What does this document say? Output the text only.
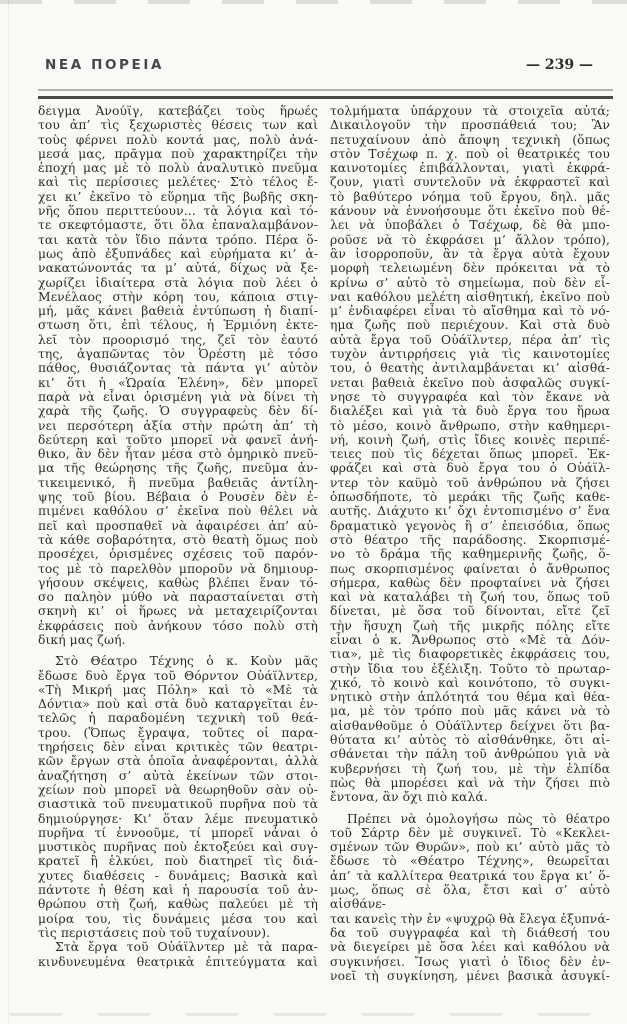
ΝΕΑ ΠΟΡΕΙΑ	— 239 —
δειγμα Ἀνούϊγ, κατεβάζει τοὺς ἥρωές
του ἀπ’ τὶς ξεχωριστὲς θέσεις των καὶ
τοὺς φέρνει πολὺ κοντά μας, πολὺ ἀνά-
μεσά μας, πρᾶγμα ποὺ χαρακτηρίζει τὴν
ἐποχή μας μὲ τὸ πολὺ ἀναλυτικὸ πνεῦμα
καὶ τὶς περίσσιες μελέτες· Στὸ τέλος ἔ-
χει κι’ ἐκεῖνο τὸ εὕρημα τῆς βωβῆς σκη-
νῆς ὅπου περιττεύουν... τὰ λόγια καὶ τό-
τε σκεφτόμαστε, ὅτι ὅλα ἐπαναλαμβάνον-
ται κατὰ τὸν ἴδιο πάντα τρόπο. Πέρα ὅ-
μως ἀπὸ ἐξυπνάδες καὶ εὑρήματα κι’ ἀ-
νακατώνοντάς τα μ’ αὐτά, δίχως νὰ ξε-
χωρίζει ἰδιαίτερα στὰ λόγια ποὺ λέει ὁ
Μενέλαος στὴν κόρη του, κάποια στιγ-
μή, μᾶς κάνει βαθειὰ ἐντύπωση ἡ διαπί-
στωση ὅτι, ἐπὶ τέλους, ἡ Ἑρμιόνη ἐκτε-
λεῖ τὸν προορισμό της, ζεῖ τὸν ἑαυτό
της, ἀγαπῶντας τὸν Ὀρέστη μὲ τόσο
πάθος, θυσιάζοντας τὰ πάντα γι’ αὐτὸν
κι’ ὅτι ἡ «Ὡραία Ἑλένη», δὲν μπορεῖ
παρὰ νὰ εἶναι ὁρισμένη γιὰ νὰ δίνει τὴ
χαρὰ τῆς ζωῆς. Ὁ συγγραφεὺς δὲν δί-
νει περσότερη ἀξία στὴν πρώτη ἀπ’ τὴ
δεύτερη καὶ τοῦτο μπορεῖ νὰ φανεῖ ἀνή-
θικο, ἂν δὲν ἦταν μέσα στὸ ὁμηρικὸ πνεῦ-
μα τῆς θεώρησης τῆς ζωῆς, πνεῦμα ἀν-
τικειμενικό, ἢ πνεῦμα βαθειᾶς ἀντίλη-
ψης τοῦ βίου. Βέβαια ὁ Ρουσὲν δὲν ἐ-
πιμένει καθόλου σ’ ἐκεῖνα ποὺ θέλει νὰ
πεῖ καὶ προσπαθεῖ νὰ ἀφαιρέσει ἀπ’ αὐ-
τὰ κάθε σοβαρότητα, στὸ θεατὴ ὅμως ποὺ
προσέχει, ὁρισμένες σχέσεις τοῦ παρόν-
τος μὲ τὸ παρελθὸν μποροῦν νὰ δημιουρ-
γήσουν σκέψεις, καθὼς βλέπει ἕναν τό-
σο παληὸν μύθο νὰ παρασταίνεται στὴ
σκηνὴ κι’ οἱ ἥρωες νὰ μεταχειρίζονται
ἐκφράσεις ποὺ ἀνήκουν τόσο πολὺ στὴ
δική μας ζωή.
Στὸ Θέατρο Τέχνης ὁ κ. Κοὺν μᾶς
ἔδωσε δυὸ ἔργα τοῦ Θόρντον Οὐάϊλντερ,
«Τὴ Μικρή μας Πόλη» καὶ τὸ «Μὲ τὰ
Δόντια» ποὺ καὶ στὰ δυὸ καταργεῖται ἐν-
τελῶς ἡ παραδομένη τεχνικὴ τοῦ θεά-
τρου. (Ὅπως ἔγραψα, τοῦτες οἱ παρα-
τηρήσεις δὲν εἶναι κριτικὲς τῶν θεατρι-
κῶν ἔργων στὰ ὁποῖα ἀναφέρονται, ἀλλὰ
ἀναζήτηση σ’ αὐτὰ ἐκείνων τῶν στοι-
χείων ποὺ μπορεῖ νὰ θεωρηθοῦν σὰν οὐ-
σιαστικὰ τοῦ πνευματικοῦ πυρῆνα ποὺ τὰ
δημιούργησε· Κι’ ὅταν λέμε πνευματικὸ
πυρῆνα τί ἐννοοῦμε, τί μπορεῖ νἆναι ὁ
μυστικὸς πυρῆνας ποὺ ἐκτοξεύει καὶ συγ-
κρατεῖ ἢ ἑλκύει, ποὺ διατηρεῖ τὶς διά-
χυτες διαθέσεις - δυνάμεις; Βασικὰ καὶ
πάντοτε ἡ θέση καὶ ἡ παρουσία τοῦ ἀν-
θρώπου στὴ ζωή, καθὼς παλεύει μὲ τὴ
μοίρα του, τὶς δυνάμεις μέσα του καὶ
τὶς περιστάσεις ποὺ τοῦ τυχαίνουν).
Στὰ ἔργα τοῦ Οὐάϊλντερ μὲ τὰ παρα-
κινδυνευμένα θεατρικὰ ἐπιτεύγματα καὶ
τολμήματα ὑπάρχουν τὰ στοιχεῖα αὐτά;
Δικαιλογοῦν τὴν προσπάθειά του; Ἂν
πετυχαίνουν ἀπὸ ἄποψη τεχνικὴ (ὅπως
στὸν Τσέχωφ π. χ. ποὺ οἱ θεατρικές του
καινοτομίες ἐπιβάλλονται, γιατὶ ἐκφρά-
ζουν, γιατὶ συντελοῦν νὰ ἐκφραστεῖ καὶ
τὸ βαθύτερο νόημα τοῦ ἔργου, δηλ. μᾶς
κάνουν νὰ ἐννοήσουμε ὅτι ἐκεῖνο ποὺ θέ-
λει νὰ ὑποβάλει ὁ Τσέχωφ, δὲ θὰ μπο-
ροῦσε νὰ τὸ ἐκφράσει μ’ ἄλλον τρόπο),
ἂν ἰσορροποῦν, ἂν τὰ ἔργα αὐτὰ ἔχουν
μορφὴ τελειωμένη δὲν πρόκειται νὰ τὸ
κρίνω σ’ αὐτὸ τὸ σημείωμα, ποὺ δὲν εἶ-
ναι καθόλου μελέτη αἰσθητική, ἐκεῖνο ποὺ
μ’ ἐνδιαφέρει εἶναι τὸ αἴσθημα καὶ τὸ νό-
ημα ζωῆς ποὺ περιέχουν. Καὶ στὰ δυὸ
αὐτὰ ἔργα τοῦ Οὐάϊλντερ, πέρα ἀπ’ τὶς
τυχὸν ἀντιρρήσεις γιὰ τὶς καινοτομίες
του, ὁ θεατὴς ἀντιλαμβάνεται κι’ αἰσθά-
νεται βαθειὰ ἐκεῖνο ποὺ ἀσφαλῶς συγκί-
νησε τὸ συγγραφέα καὶ τὸν ἔκανε νὰ
διαλέξει καὶ γιὰ τὰ δυὸ ἔργα του ἥρωα
τὸ μέσο, κοινὸ ἄνθρωπο, στὴν καθημερι-
νή, κοινὴ ζωή, στὶς ἴδιες κοινὲς περιπέ-
τειες ποὺ τὶς δέχεται ὅπως μπορεῖ. Ἐκ-
φράζει καὶ στὰ δυὸ ἔργα του ὁ Οὐάϊλ-
ντερ τὸν καϋμὸ τοῦ ἀνθρώπου νὰ ζήσει
ὁπωσδήποτε, τὸ μεράκι τῆς ζωῆς καθε-
αυτῆς. Διάχυτο κι’ ὄχι ἐντοπισμένο σ’ ἕνα
δραματικὸ γεγονὸς ἢ σ’ ἐπεισόδια, ὅπως
στὸ θέατρο τῆς παράδοσης. Σκορπισμέ-
νο τὸ δράμα τῆς καθημερινῆς ζωῆς, ὅ-
πως σκορπισμένος φαίνεται ὁ ἄνθρωπος
σήμερα, καθὼς δὲν προφταίνει νὰ ζήσει
καὶ νὰ καταλάβει τὴ ζωή του, ὅπως τοῦ
δίνεται, μὲ ὅσα τοῦ δίνονται, εἴτε ζεῖ
τὴν ἥσυχη ζωὴ τῆς μικρῆς πόλης εἴτε
εἶναι ὁ κ. Ἄνθρωπος στὸ «Μὲ τὰ Δόν-
τια», μὲ τὶς διαφορετικὲς ἐκφράσεις του,
στὴν ἴδια του ἐξέλιξη. Τοῦτο τὸ πρωταρ-
χικό, τὸ κοινὸ καὶ κοινότοπο, τὸ συγκι-
νητικὸ στὴν ἁπλότητά του θέμα καὶ θέα-
μα, μὲ τὸν τρόπο ποὺ μᾶς κάνει νὰ τὸ
αἰσθανθοῦμε ὁ Οὐάϊλντερ δείχνει ὅτι βα-
θύτατα κι’ αὐτὸς τὸ αἰσθάνθηκε, ὅτι αἰ-
σθάνεται τὴν πάλη τοῦ ἀνθρώπου γιὰ νὰ
κυβερνήσει τὴ ζωή του, μὲ τὴν ἐλπίδα
πὼς θὰ μπορέσει καὶ νὰ τὴν ζήσει πιὸ
ἔντονα, ἂν ὄχι πιὸ καλά.
Πρέπει νὰ ὁμολογήσω πὼς τὸ θέατρο
τοῦ Σάρτρ δὲν μὲ συγκινεῖ. Τὸ «Κεκλει-
σμένων τῶν Θυρῶν», ποὺ κι’ αὐτὸ μᾶς τὸ
ἔδωσε τὸ «Θέατρο Τέχνης», θεωρεῖται
ἀπ’ τὰ καλλίτερα θεατρικά του ἔργα κι’ ὅ-
μως, ὅπως σὲ ὅλα, ἔτσι καὶ σ’ αὐτὸ αἰσθάνε-
ται κανεὶς τὴν ἐν «ψυχρῷ θὰ ἔλεγα ἐξυπνά-
δα τοῦ συγγραφέα καὶ τὴ διάθεσή του
νὰ διεγείρει μὲ ὅσα λέει καὶ καθόλου νὰ
συγκινήσει. Ἴσως γιατὶ ὁ ἴδιος δὲν ἐν-
νοεῖ τὴ συγκίνηση, μένει βασικὰ ἀσυγκί-
